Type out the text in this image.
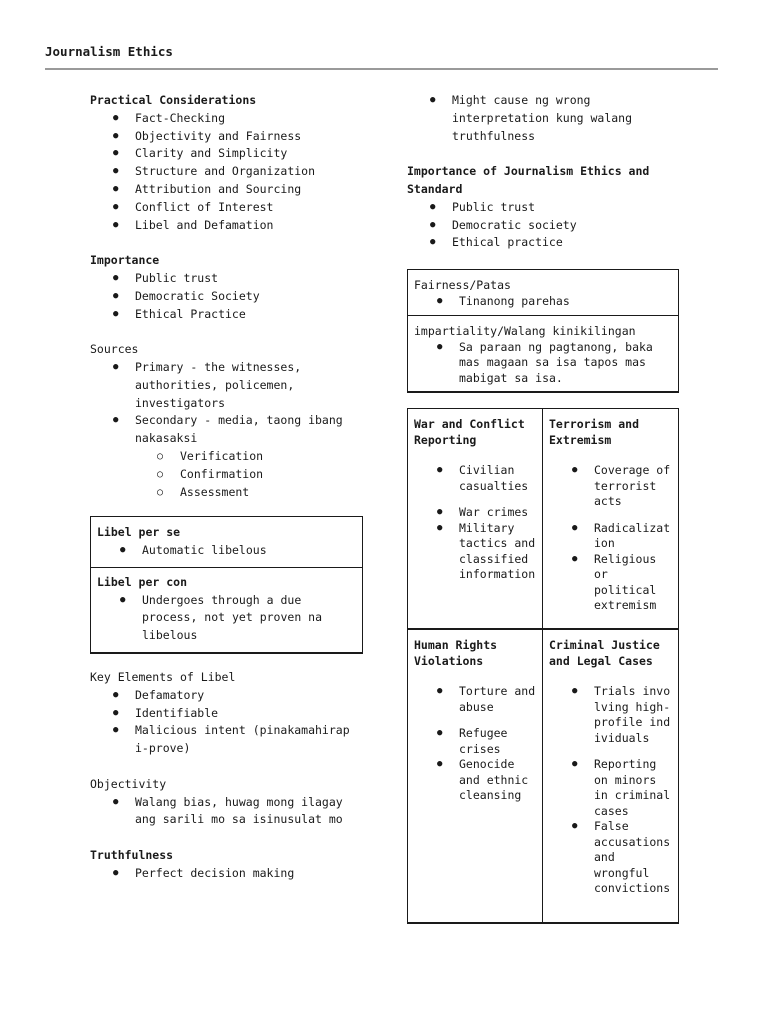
Journalism Ethics
Practical Considerations
● Fact-Checking
● Objectivity and Fairness
● Clarity and Simplicity
● Structure and Organization
● Attribution and Sourcing
● Conflict of Interest
● Libel and Defamation
Importance
● Public trust
● Democratic Society
● Ethical Practice
Sources
● Primary - the witnesses, authorities, policemen, investigators
● Secondary - media, taong ibang nakasaksi
○ Verification
○ Confirmation
○ Assessment
Libel per se
● Automatic libelous
Libel per con
● Undergoes through a due process, not yet proven na libelous
Key Elements of Libel
● Defamatory
● Identifiable
● Malicious intent (pinakamahirap i-prove)
Objectivity
● Walang bias, huwag mong ilagay ang sarili mo sa isinusulat mo
Truthfulness
● Perfect decision making
● Might cause ng wrong interpretation kung walang truthfulness
Importance of Journalism Ethics and Standard
● Public trust
● Democratic society
● Ethical practice
Fairness/Patas
● Tinanong parehas
impartiality/Walang kinikilingan
● Sa paraan ng pagtanong, baka mas magaan sa isa tapos mas mabigat sa isa.
War and Conflict Reporting
● Civilian casualties
● War crimes
● Military tactics and classified information
Terrorism and Extremism
● Coverage of terrorist acts
● Radicalization
● Religious or political extremism
Human Rights Violations
● Torture and abuse
● Refugee crises
● Genocide and ethnic cleansing
Criminal Justice and Legal Cases
● Trials involving high-profile individuals
● Reporting on minors in criminal cases
● False accusations and wrongful convictions
